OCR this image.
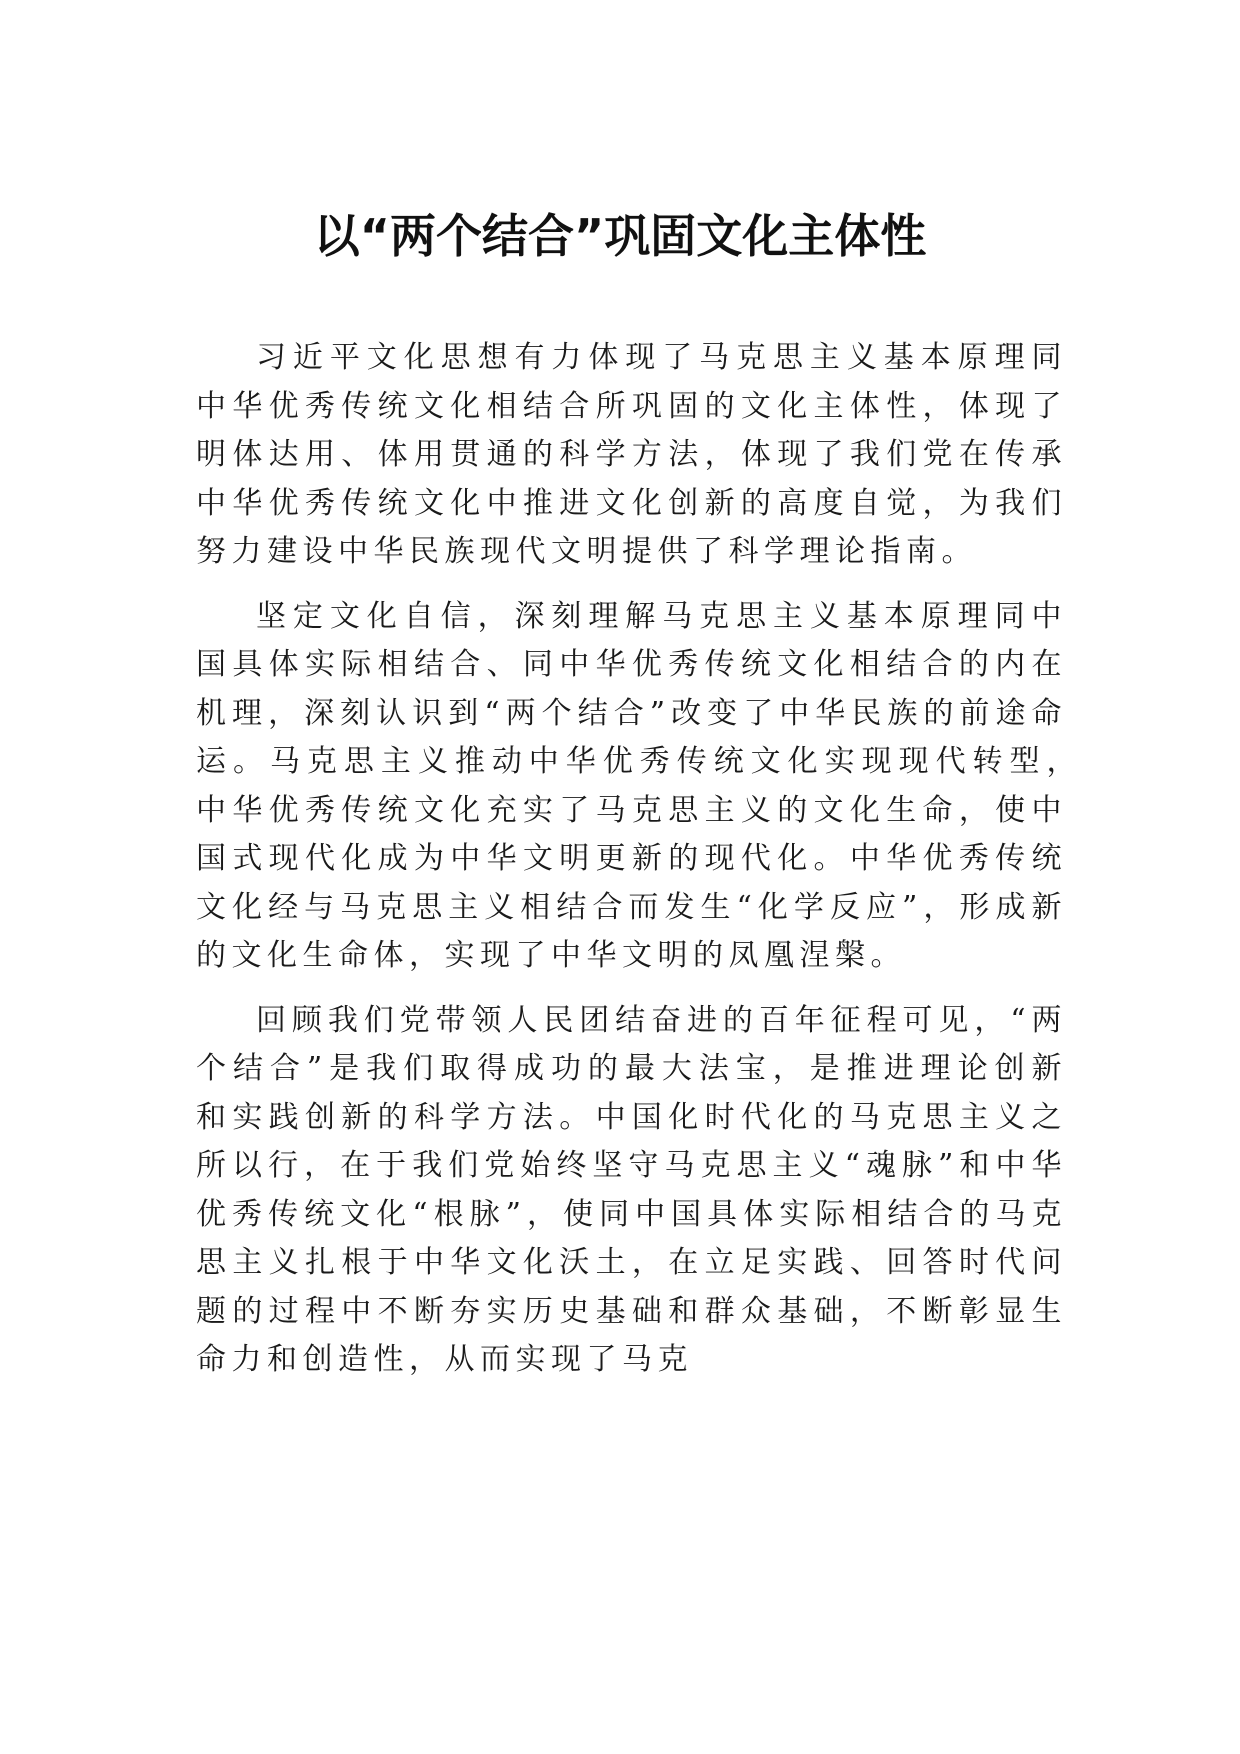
以“两个结合”巩固文化主体性

习近平文化思想有力体现了马克思主义基本原理同中华优秀传统文化相结合所巩固的文化主体性，体现了明体达用、体用贯通的科学方法，体现了我们党在传承中华优秀传统文化中推进文化创新的高度自觉，为我们努力建设中华民族现代文明提供了科学理论指南。

坚定文化自信，深刻理解马克思主义基本原理同中国具体实际相结合、同中华优秀传统文化相结合的内在机理，深刻认识到“两个结合”改变了中华民族的前途命运。马克思主义推动中华优秀传统文化实现现代转型，　中华优秀传统文化充实了马克思主义的文化生命，使中国式现代化成为中华文明更新的现代化。中华优秀传统文化经与马克思主义相结合而发生“化学反应”，形成新的文化生命体，实现了中华文明的凤凰涅槃。

回顾我们党带领人民团结奋进的百年征程可见，“两个结合”是我们取得成功的最大法宝，是推进理论创新和实践创新的科学方法。中国化时代化的马克思主义之所以行，在于我们党始终坚守马克思主义“魂脉”和中华优秀传统文化“根脉”，使同中国具体实际相结合的马克思主义扎根于中华文化沃土，在立足实践、回答时代问题的过程中不断夯实历史基础和群众基础，不断彰显生命力和创造性，从而实现了马克
